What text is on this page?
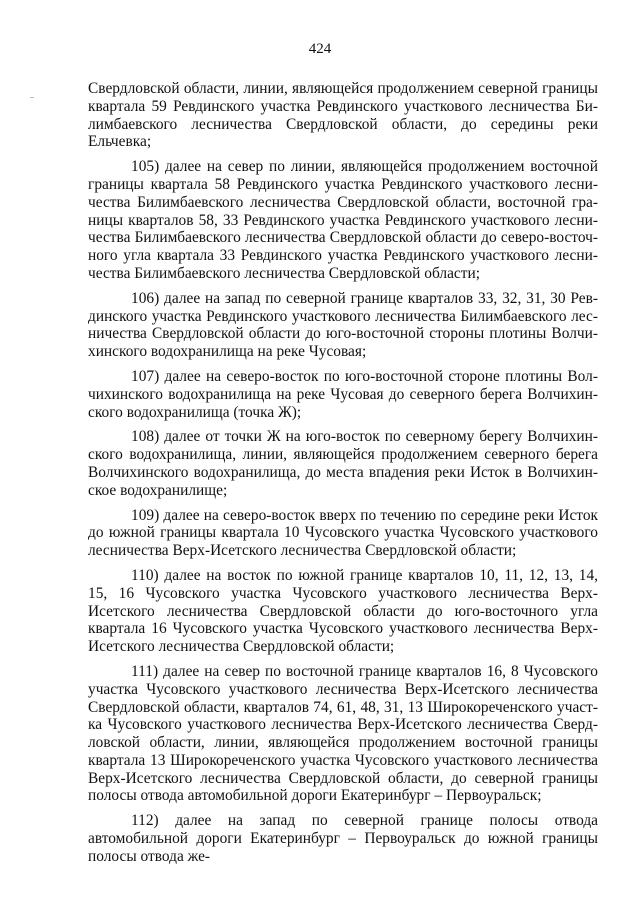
424

Свердловской области, линии, являющейся продолжением северной границы квартала 59 Ревдинского участка Ревдинского участкового лесничества Билимбаевского лесничества Свердловской области, до середины реки Ельчевка;

105) далее на север по линии, являющейся продолжением восточной границы квартала 58 Ревдинского участка Ревдинского участкового лесничества Билимбаевского лесничества Свердловской области, восточной границы кварталов 58, 33 Ревдинского участка Ревдинского участкового лесничества Билимбаевского лесничества Свердловской области до северо-восточного угла квартала 33 Ревдинского участка Ревдинского участкового лесничества Билимбаевского лесничества Свердловской области;

106) далее на запад по северной границе кварталов 33, 32, 31, 30 Ревдинского участка Ревдинского участкового лесничества Билимбаевского лесничества Свердловской области до юго-восточной стороны плотины Волчихинского водохранилища на реке Чусовая;

107) далее на северо-восток по юго-восточной стороне плотины Волчихинского водохранилища на реке Чусовая до северного берега Волчихинского водохранилища (точка Ж);

108) далее от точки Ж на юго-восток по северному берегу Волчихинского водохранилища, линии, являющейся продолжением северного берега Волчихинского водохранилища, до места впадения реки Исток в Волчихинское водохранилище;

109) далее на северо-восток вверх по течению по середине реки Исток до южной границы квартала 10 Чусовского участка Чусовского участкового лесничества Верх-Исетского лесничества Свердловской области;

110) далее на восток по южной границе кварталов 10, 11, 12, 13, 14, 15, 16 Чусовского участка Чусовского участкового лесничества Верх-Исетского лесничества Свердловской области до юго-восточного угла квартала 16 Чусовского участка Чусовского участкового лесничества Верх-Исетского лесничества Свердловской области;

111) далее на север по восточной границе кварталов 16, 8 Чусовского участка Чусовского участкового лесничества Верх-Исетского лесничества Свердловской области, кварталов 74, 61, 48, 31, 13 Широкореченского участка Чусовского участкового лесничества Верх-Исетского лесничества Свердловской области, линии, являющейся продолжением восточной границы квартала 13 Широкореченского участка Чусовского участкового лесничества Верх-Исетского лесничества Свердловской области, до северной границы полосы отвода автомобильной дороги Екатеринбург – Первоуральск;

112) далее на запад по северной границе полосы отвода автомобильной дороги Екатеринбург – Первоуральск до южной границы полосы отвода же-
